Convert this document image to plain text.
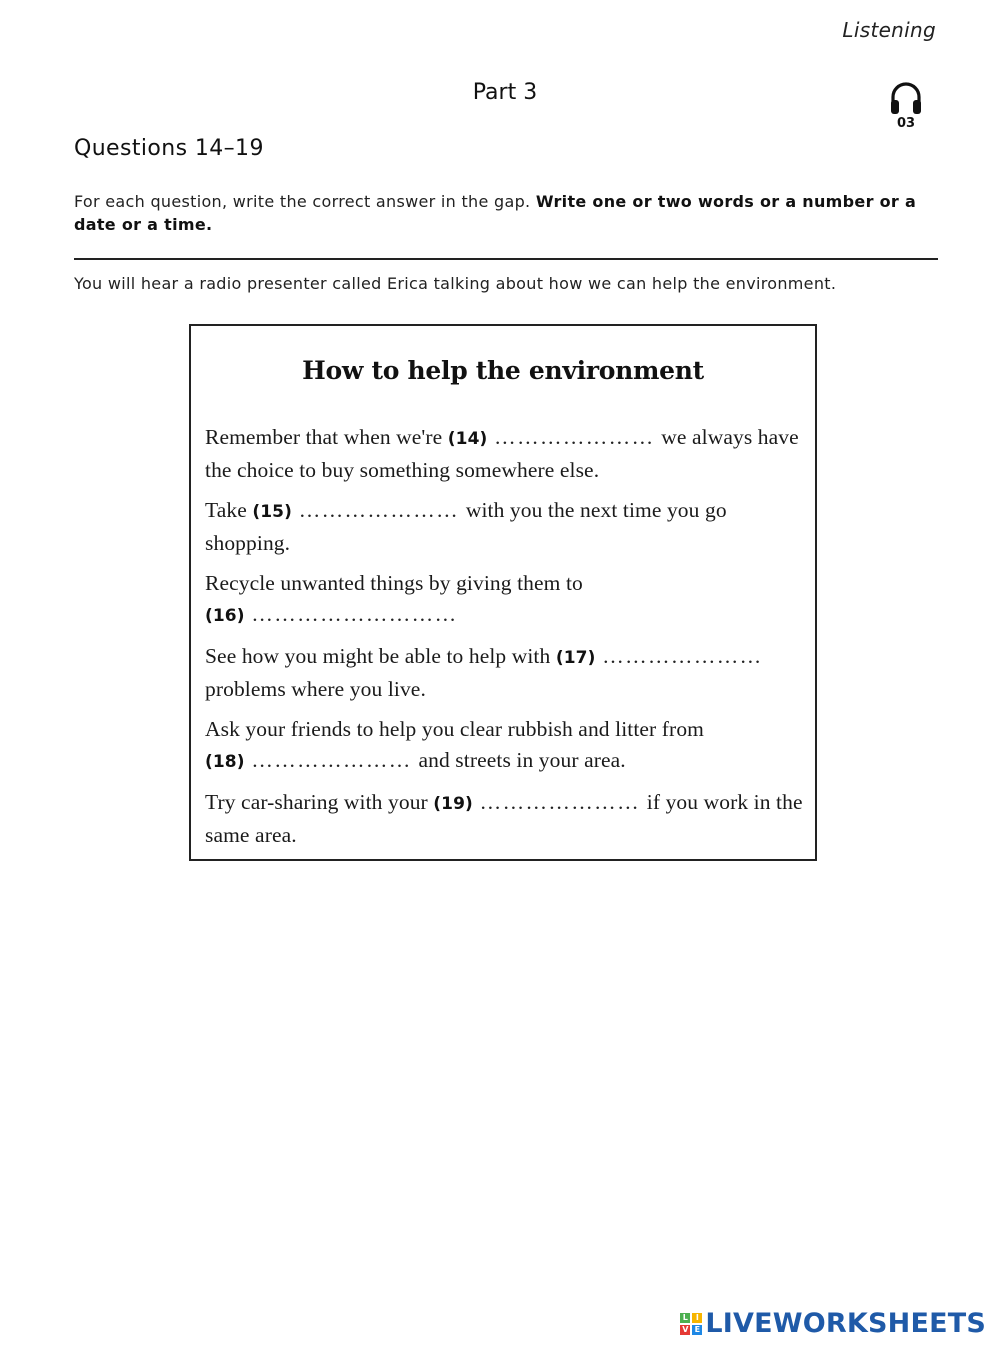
Listening
Part 3
03
Questions 14–19
For each question, write the correct answer in the gap. Write one or two words or a number or a date or a time.
You will hear a radio presenter called Erica talking about how we can help the environment.
How to help the environment
Remember that when we're (14) ………………… we always have the choice to buy something somewhere else.
Take (15) ………………… with you the next time you go shopping.
Recycle unwanted things by giving them to
(16) ………………………
See how you might be able to help with (17) ………………… problems where you live.
Ask your friends to help you clear rubbish and litter from
(18) ………………… and streets in your area.
Try car-sharing with your (19) ………………… if you work in the same area.
L I
V E LIVEWORKSHEETS
